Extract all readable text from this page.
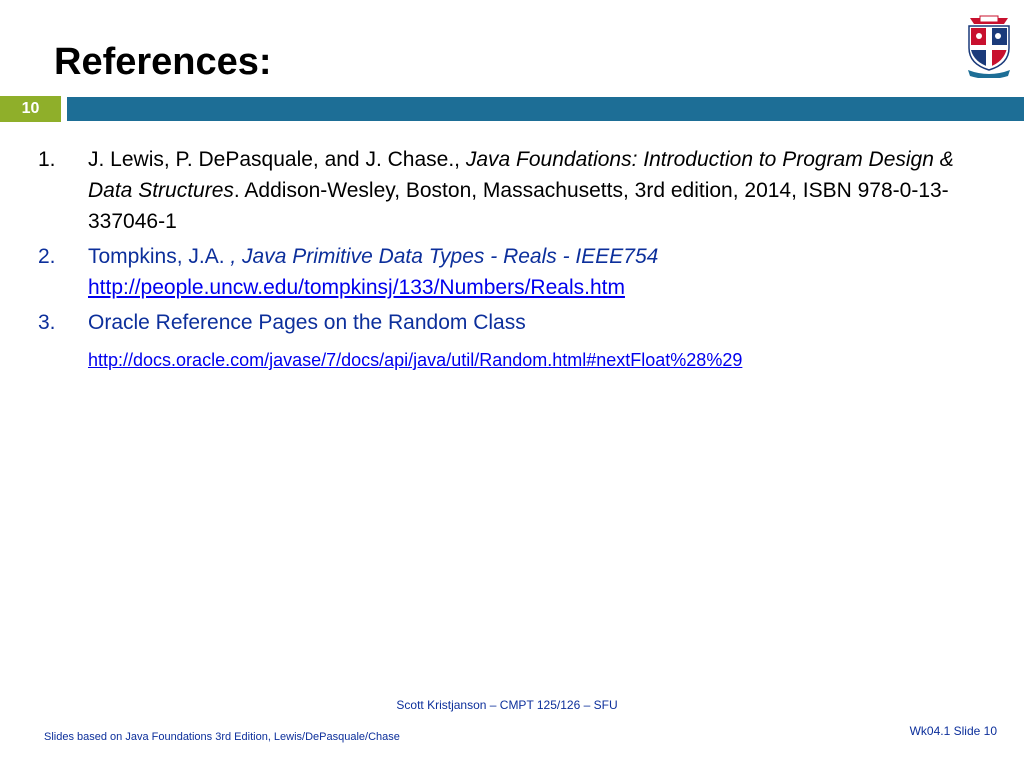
References:
10
1.	J. Lewis, P. DePasquale, and J. Chase., Java Foundations: Introduction to Program Design & Data Structures. Addison-Wesley, Boston, Massachusetts, 3rd edition, 2014, ISBN 978-0-13-337046-1
2.	Tompkins, J.A. , Java Primitive Data Types - Reals - IEEE754
http://people.uncw.edu/tompkinsj/133/Numbers/Reals.htm
3.	Oracle Reference Pages on the Random Class
http://docs.oracle.com/javase/7/docs/api/java/util/Random.html#nextFloat%28%29
Scott Kristjanson – CMPT 125/126 – SFU
Slides based on Java Foundations 3rd Edition, Lewis/DePasquale/Chase	Wk04.1 Slide 10
